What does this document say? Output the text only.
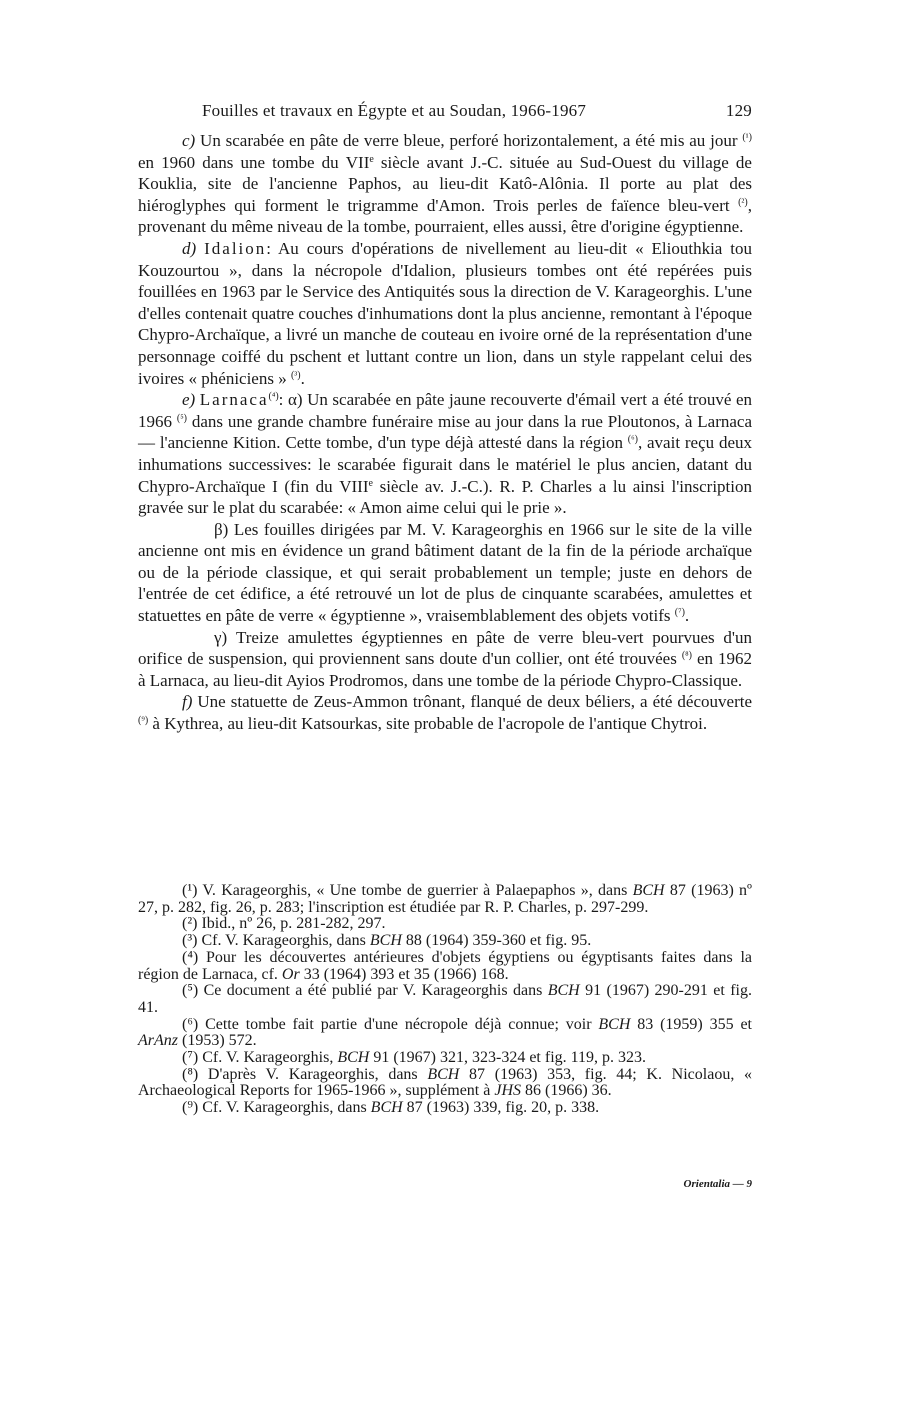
Fouilles et travaux en Égypte et au Soudan, 1966-1967	129

c) Un scarabée en pâte de verre bleue, perforé horizontalement, a été mis au jour $^{(^1)}$ en 1960 dans une tombe du VIIe siècle avant J.-C. située au Sud-Ouest du village de Kouklia, site de l'ancienne Paphos, au lieu-dit Katô-Alônia. Il porte au plat des hiéroglyphes qui forment le trigramme d'Amon. Trois perles de faïence bleu-vert $^{(^2)}$, provenant du même niveau de la tombe, pourraient, elles aussi, être d'origine égyptienne.

d) Idalion: Au cours d'opérations de nivellement au lieu-dit « Eliouthkia tou Kouzourtou », dans la nécropole d'Idalion, plusieurs tombes ont été repérées puis fouillées en 1963 par le Service des Antiquités sous la direction de V. Karageorghis. L'une d'elles contenait quatre couches d'inhumations dont la plus ancienne, remontant à l'époque Chypro-Archaïque, a livré un manche de couteau en ivoire orné de la représentation d'une personnage coiffé du pschent et luttant contre un lion, dans un style rappelant celui des ivoires « phéniciens » $^{(^3)}$.

e) Larnaca$^{(^4)}$: α) Un scarabée en pâte jaune recouverte d'émail vert a été trouvé en 1966 $^{(^5)}$ dans une grande chambre funéraire mise au jour dans la rue Ploutonos, à Larnaca — l'ancienne Kition. Cette tombe, d'un type déjà attesté dans la région $^{(^6)}$, avait reçu deux inhumations successives: le scarabée figurait dans le matériel le plus ancien, datant du Chypro-Archaïque I (fin du VIIIe siècle av. J.-C.). R. P. Charles a lu ainsi l'inscription gravée sur le plat du scarabée: « Amon aime celui qui le prie ».

β) Les fouilles dirigées par M. V. Karageorghis en 1966 sur le site de la ville ancienne ont mis en évidence un grand bâtiment datant de la fin de la période archaïque ou de la période classique, et qui serait probablement un temple; juste en dehors de l'entrée de cet édifice, a été retrouvé un lot de plus de cinquante scarabées, amulettes et statuettes en pâte de verre « égyptienne », vraisemblablement des objets votifs $^{(^7)}$.

γ) Treize amulettes égyptiennes en pâte de verre bleu-vert pourvues d'un orifice de suspension, qui proviennent sans doute d'un collier, ont été trouvées $^{(^8)}$ en 1962 à Larnaca, au lieu-dit Ayios Prodromos, dans une tombe de la période Chypro-Classique.

f) Une statuette de Zeus-Ammon trônant, flanqué de deux béliers, a été découverte $^{(^9)}$ à Kythrea, au lieu-dit Katsourkas, site probable de l'acropole de l'antique Chytroi.

(¹) V. Karageorghis, « Une tombe de guerrier à Palaepaphos », dans BCH 87 (1963) nº 27, p. 282, fig. 26, p. 283; l'inscription est étudiée par R. P. Charles, p. 297-299.

(²) Ibid., nº 26, p. 281-282, 297.

(³) Cf. V. Karageorghis, dans BCH 88 (1964) 359-360 et fig. 95.

(⁴) Pour les découvertes antérieures d'objets égyptiens ou égyptisants faites dans la région de Larnaca, cf. Or 33 (1964) 393 et 35 (1966) 168.

(⁵) Ce document a été publié par V. Karageorghis dans BCH 91 (1967) 290-291 et fig. 41.

(⁶) Cette tombe fait partie d'une nécropole déjà connue; voir BCH 83 (1959) 355 et ArAnz (1953) 572.

(⁷) Cf. V. Karageorghis, BCH 91 (1967) 321, 323-324 et fig. 119, p. 323.

(⁸) D'après V. Karageorghis, dans BCH 87 (1963) 353, fig. 44; K. Nicolaou, « Archaeological Reports for 1965-1966 », supplément à JHS 86 (1966) 36.

(⁹) Cf. V. Karageorghis, dans BCH 87 (1963) 339, fig. 20, p. 338.

Orientalia — 9
